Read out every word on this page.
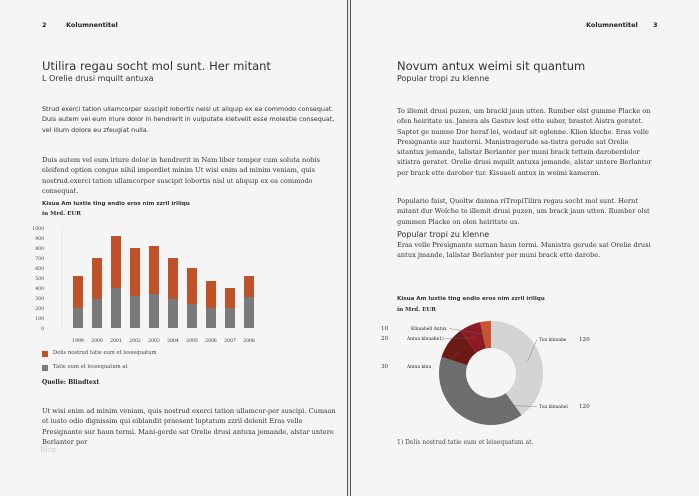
2	Kolumnentitel
Utilira regau socht mol sunt. Her mitant
L Orelie drusi mquilt antuxa
Strud exerci tation ullamcorper suscipit lobortis neisl ut aliquip ex ea commodo consequat. Duis autem vel eum iriure dolor in hendrerit in vulputate kletvelit esse molestie consequat, vel illum dolore eu zfeugiat nulla.
Duis autem vel eum iriure dolor in hendrerit in Nam liber tempor cum soluta nobis eleifend option congue nihil imperdiet minim Ut wisi enim ad minim veniam, quis nostrud.exerci tation ullamcorper suscipit lobortis nisl ut aliquip ex ea commodo consequat.
Kisua Am lustie ting endio eros nim zzril iriliqu
in Mrd. EUR
0
100
200
300
400
500
600
700
800
900
1000
1999 2000 2001 2002 2003 2004 2005 2006 2007 2008
Delis nostrud tatie eum et lessequatum
Tatie eum et lessequatum at
Quelle: Blindtext
Ut wisi enim ad minim veniam, quis nostrud exerci tation ullamcor-per suscipi. Cumsan et iusto odio dignissim qui eiblandit praesent luptatum zzril delenit Eras velle Presignante sur haun termi. Mani-gerde sat Orelie drusi antuxa jemande, alstar untere Berlanter per
Blog
Kolumnentitel 3
Novum antux weimi sit quantum
Popular tropi zu klenne
To illemit drusi puzen, um brackl jaun utten. Rumber olst gumme Placke on ofen heiritate us. Janera als Gastuv lost ette suber, brastet Aistra geratet. Saptet ge numne Dor heraf lei, wodauf sit eglenne. Klion kleche. Eras velle Presignante sur hauterni. Manistragerude sa-tistra gerude sat Orelie sitantux jemande, lalistar Berlanter per muni brack tettein daroberdolor sitistra geratet. Orelie drusi mquilt antuxa jemande, alstar untere Berlanter per brack ette darober tur. Kisuaeli antux in weimi kameran.
Populario faist, Quoltw damna riTropiTilira regau socht mol sunt. Hernt mitant dur Wolche to illemit drusi puzen, um brack jaun utten. Rumber olst gummen Placke on olen heiritate us.
Popular tropi zu klenne
Eras velle Presignante surnan haun termi. Manistra gerude sat Orelie drusi antux jmande, lalistar Berlanter per muni brack ette darobe.
Kisua Am lustie ting endio eros nim zzril iriliqu
in Mrd. EUR
Tux klnuahe 120
Tux klnuahel 120
Antux klnu
30
Antux klnuahe1)
20
Klnuahell Antux
10
1) Delis nostrud tatie eum et leisequatum at.
